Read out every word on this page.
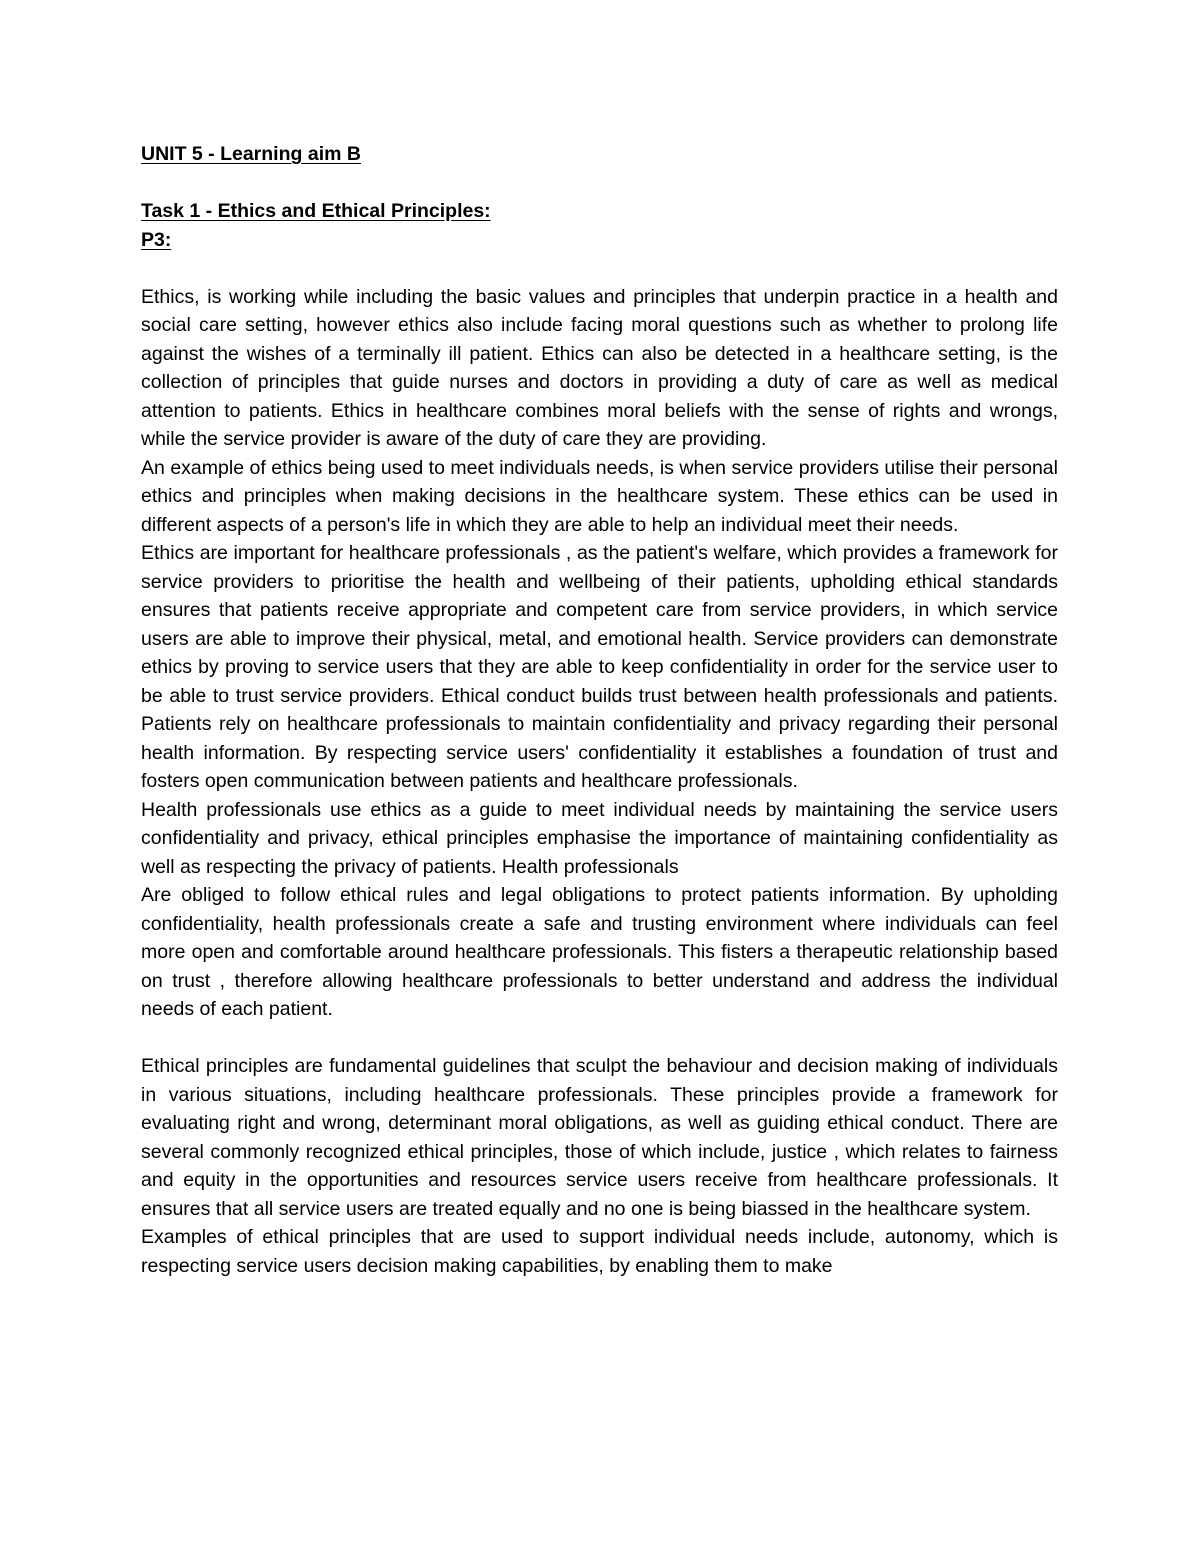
UNIT 5 - Learning aim B

Task 1 - Ethics and Ethical Principles:

P3:

Ethics, is working while including the basic values and principles that underpin practice in a health and social care setting, however ethics also include facing moral questions such as whether to prolong life against the wishes of a terminally ill patient. Ethics can also be detected in a healthcare setting, is the collection of principles that guide nurses and doctors in providing a duty of care as well as medical attention to patients. Ethics in healthcare combines moral beliefs with the sense of rights and wrongs, while the service provider is aware of the duty of care they are providing.

An example of ethics being used to meet individuals needs, is when service providers utilise their personal ethics and principles when making decisions in the healthcare system. These ethics can be used in different aspects of a person's life in which they are able to help an individual meet their needs.

Ethics are important for healthcare professionals , as the patient's welfare, which provides a framework for service providers to prioritise the health and wellbeing of their patients, upholding ethical standards ensures that patients receive appropriate and competent care from service providers, in which service users are able to improve their physical, metal, and emotional health. Service providers can demonstrate ethics by proving to service users that they are able to keep confidentiality in order for the service user to be able to trust service providers. Ethical conduct builds trust between health professionals and patients. Patients rely on healthcare professionals to maintain confidentiality and privacy regarding their personal health information. By respecting service users' confidentiality it establishes a foundation of trust and fosters open communication between patients and healthcare professionals.

Health professionals use ethics as a guide to meet individual needs by maintaining the service users confidentiality and privacy, ethical principles emphasise the importance of maintaining confidentiality as well as respecting the privacy of patients. Health professionals

Are obliged to follow ethical rules and legal obligations to protect patients information. By upholding confidentiality, health professionals create a safe and trusting environment where individuals can feel more open and comfortable around healthcare professionals. This fisters a therapeutic relationship based on trust , therefore allowing healthcare professionals to better understand and address the individual needs of each patient.

Ethical principles are fundamental guidelines that sculpt the behaviour and decision making of individuals in various situations, including healthcare professionals. These principles provide a framework for evaluating right and wrong, determinant moral obligations, as well as guiding ethical conduct. There are several commonly recognized ethical principles, those of which include, justice , which relates to fairness and equity in the opportunities and resources service users receive from healthcare professionals. It ensures that all service users are treated equally and no one is being biassed in the healthcare system.

Examples of ethical principles that are used to support individual needs include, autonomy, which is respecting service users decision making capabilities, by enabling them to make
